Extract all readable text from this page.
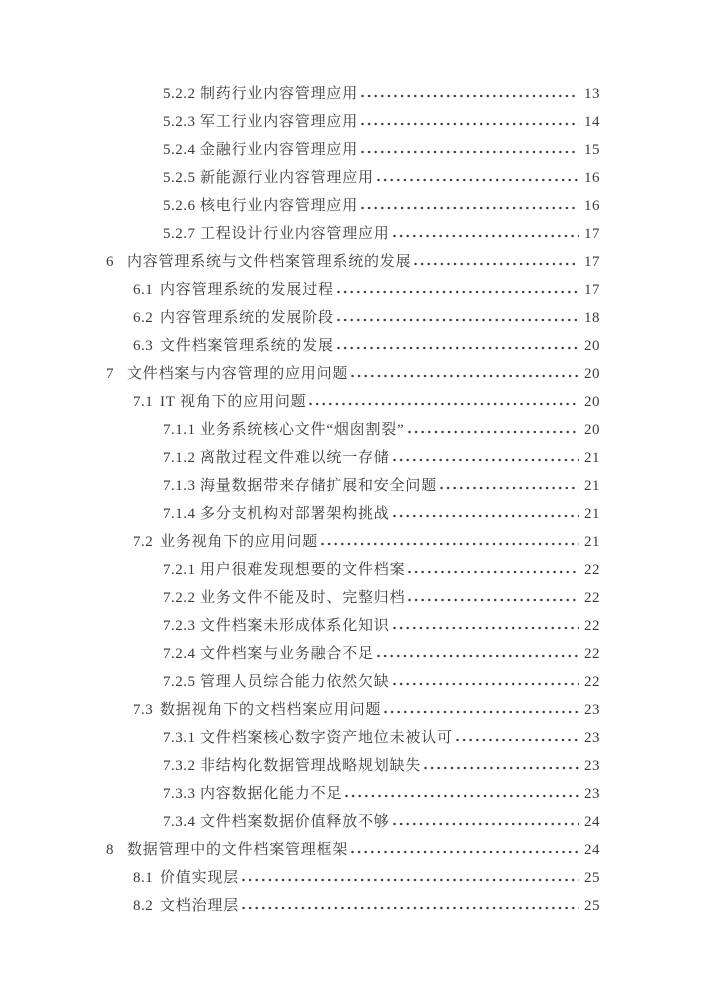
5.2.2 制药行业内容管理应用	13
5.2.3 军工行业内容管理应用	14
5.2.4 金融行业内容管理应用	15
5.2.5 新能源行业内容管理应用	16
5.2.6 核电行业内容管理应用	16
5.2.7 工程设计行业内容管理应用	17
6 内容管理系统与文件档案管理系统的发展	17
6.1 内容管理系统的发展过程	17
6.2 内容管理系统的发展阶段	18
6.3 文件档案管理系统的发展	20
7 文件档案与内容管理的应用问题	20
7.1 IT 视角下的应用问题	20
7.1.1 业务系统核心文件“烟囱割裂”	20
7.1.2 离散过程文件难以统一存储	21
7.1.3 海量数据带来存储扩展和安全问题	21
7.1.4 多分支机构对部署架构挑战	21
7.2 业务视角下的应用问题	21
7.2.1 用户很难发现想要的文件档案	22
7.2.2 业务文件不能及时、完整归档	22
7.2.3 文件档案未形成体系化知识	22
7.2.4 文件档案与业务融合不足	22
7.2.5 管理人员综合能力依然欠缺	22
7.3 数据视角下的文档档案应用问题	23
7.3.1 文件档案核心数字资产地位未被认可	23
7.3.2 非结构化数据管理战略规划缺失	23
7.3.3 内容数据化能力不足	23
7.3.4 文件档案数据价值释放不够	24
8 数据管理中的文件档案管理框架	24
8.1 价值实现层	25
8.2 文档治理层	25
